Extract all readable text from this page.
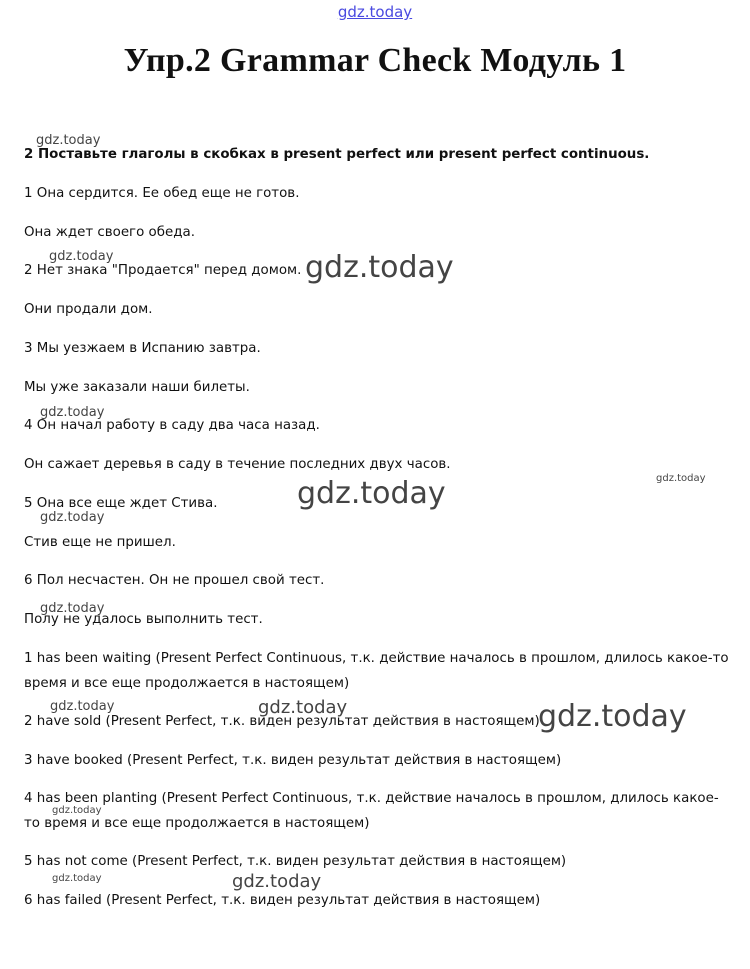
gdz.today
Упр.2 Grammar Check Модуль 1
2 Поставьте глаголы в скобках в present perfect или present perfect continuous.
1 Она сердится. Ее обед еще не готов.
Она ждет своего обеда.
2 Нет знака "Продается" перед домом.
Они продали дом.
3 Мы уезжаем в Испанию завтра.
Мы уже заказали наши билеты.
4 Он начал работу в саду два часа назад.
Он сажает деревья в саду в течение последних двух часов.
5 Она все еще ждет Стива.
Стив еще не пришел.
6 Пол несчастен. Он не прошел свой тест.
Полу не удалось выполнить тест.
1 has been waiting (Present Perfect Continuous, т.к. действие началось в прошлом, длилось какое-то
время и все еще продолжается в настоящем)
2 have sold (Present Perfect, т.к. виден результат действия в настоящем)
3 have booked (Present Perfect, т.к. виден результат действия в настоящем)
4 has been planting (Present Perfect Continuous, т.к. действие началось в прошлом, длилось какое-
то время и все еще продолжается в настоящем)
5 has not come (Present Perfect, т.к. виден результат действия в настоящем)
6 has failed (Present Perfect, т.к. виден результат действия в настоящем)
gdz.today
gdz.today	gdz.today
gdz.today
gdz.today
gdz.today
gdz.today
gdz.today
gdz.today	gdz.today	gdz.today
gdz.today
gdz.today	gdz.today
